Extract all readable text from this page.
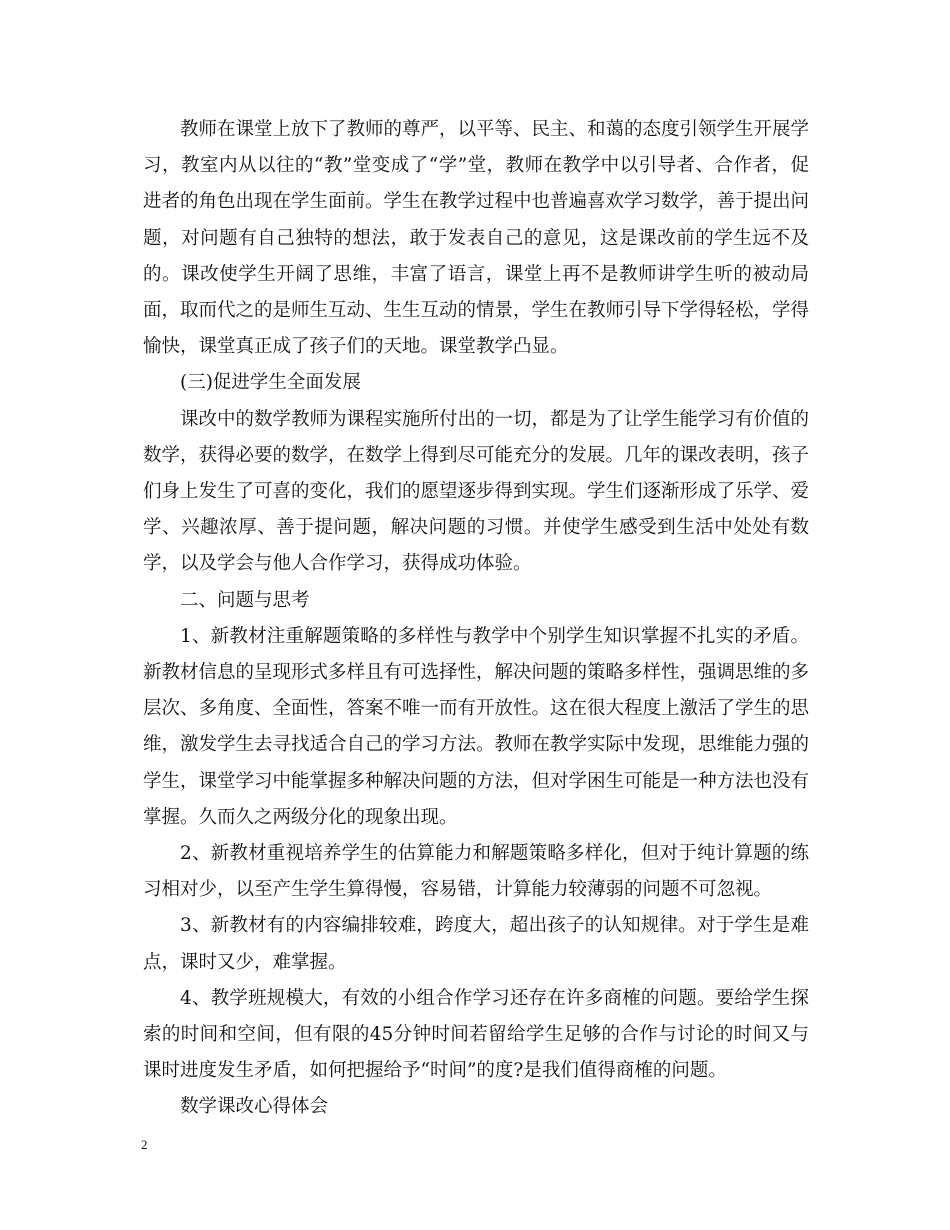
教师在课堂上放下了教师的尊严，以平等、民主、和蔼的态度引领学生开展学习，教室内从以往的“教”堂变成了“学”堂，教师在教学中以引导者、合作者，促进者的角色出现在学生面前。学生在教学过程中也普遍喜欢学习数学，善于提出问题，对问题有自己独特的想法，敢于发表自己的意见，这是课改前的学生远不及的。课改使学生开阔了思维，丰富了语言，课堂上再不是教师讲学生听的被动局面，取而代之的是师生互动、生生互动的情景，学生在教师引导下学得轻松，学得愉快，课堂真正成了孩子们的天地。课堂教学凸显。

(三)促进学生全面发展

课改中的数学教师为课程实施所付出的一切，都是为了让学生能学习有价值的数学，获得必要的数学，在数学上得到尽可能充分的发展。几年的课改表明，孩子们身上发生了可喜的变化，我们的愿望逐步得到实现。学生们逐渐形成了乐学、爱学、兴趣浓厚、善于提问题，解决问题的习惯。并使学生感受到生活中处处有数学，以及学会与他人合作学习，获得成功体验。

二、问题与思考

1、新教材注重解题策略的多样性与教学中个别学生知识掌握不扎实的矛盾。新教材信息的呈现形式多样且有可选择性，解决问题的策略多样性，强调思维的多层次、多角度、全面性，答案不唯一而有开放性。这在很大程度上激活了学生的思维，激发学生去寻找适合自己的学习方法。教师在教学实际中发现，思维能力强的学生，课堂学习中能掌握多种解决问题的方法，但对学困生可能是一种方法也没有掌握。久而久之两级分化的现象出现。

2、新教材重视培养学生的估算能力和解题策略多样化，但对于纯计算题的练习相对少，以至产生学生算得慢，容易错，计算能力较薄弱的问题不可忽视。

3、新教材有的内容编排较难，跨度大，超出孩子的认知规律。对于学生是难点，课时又少，难掌握。

4、教学班规模大，有效的小组合作学习还存在许多商榷的问题。要给学生探索的时间和空间，但有限的45分钟时间若留给学生足够的合作与讨论的时间又与课时进度发生矛盾，如何把握给予“时间”的度?是我们值得商榷的问题。

数学课改心得体会

2
